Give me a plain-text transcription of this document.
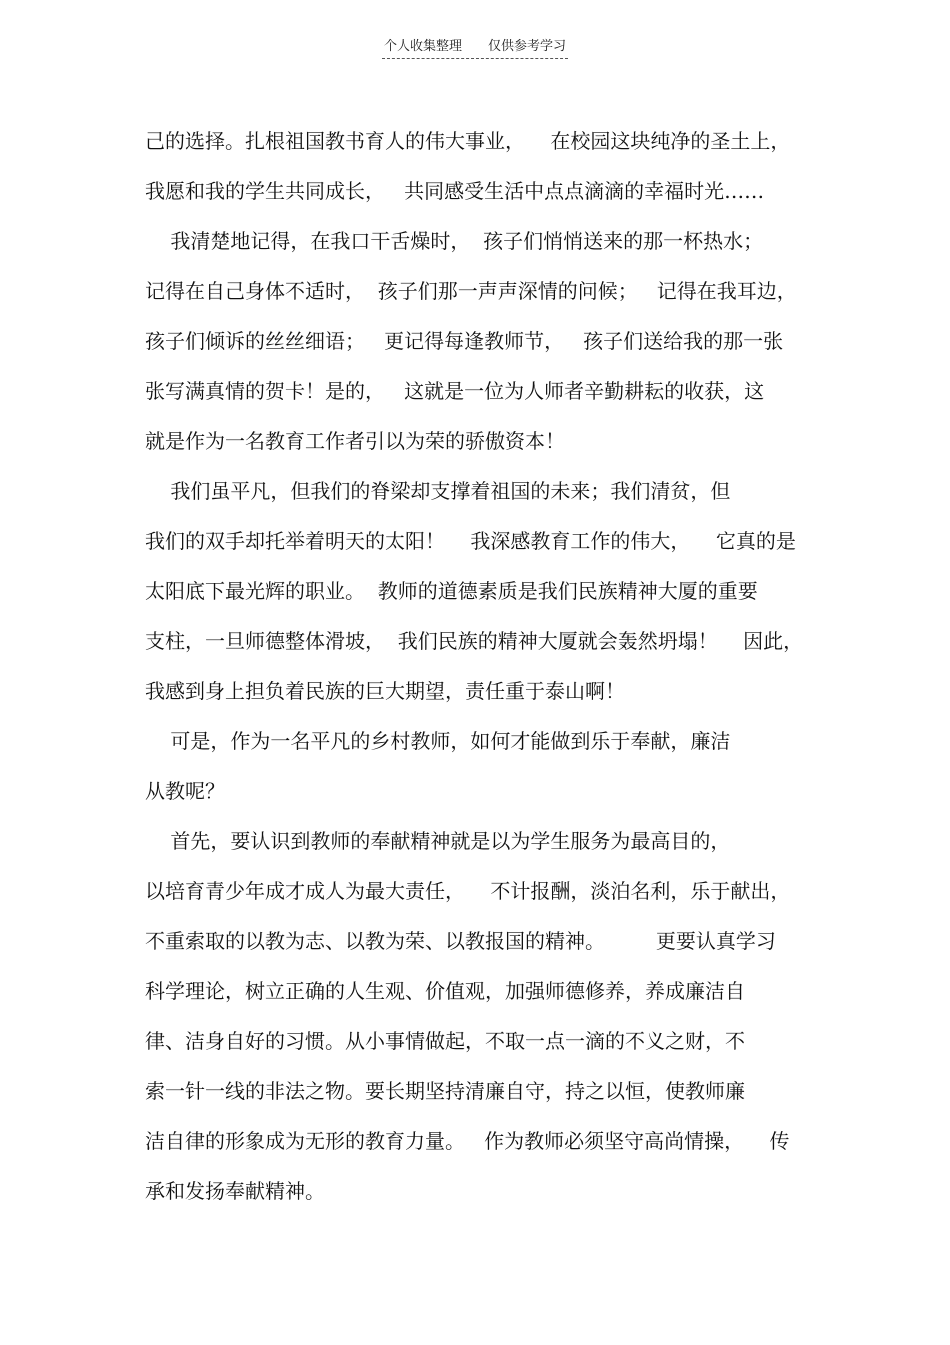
个人收集整理 仅供参考学习
己的选择。扎根祖国教书育人的伟大事业，    在校园这块纯净的圣土上，
我愿和我的学生共同成长，   共同感受生活中点点滴滴的幸福时光……
我清楚地记得，在我口干舌燥时，  孩子们悄悄送来的那一杯热水；
记得在自己身体不适时，  孩子们那一声声深情的问候；   记得在我耳边，
孩子们倾诉的丝丝细语；   更记得每逢教师节，   孩子们送给我的那一张
张写满真情的贺卡！是的，   这就是一位为人师者辛勤耕耘的收获，这
就是作为一名教育工作者引以为荣的骄傲资本！
我们虽平凡，但我们的脊梁却支撑着祖国的未来；我们清贫，但
我们的双手却托举着明天的太阳！    我深感教育工作的伟大，    它真的是
太阳底下最光辉的职业。  教师的道德素质是我们民族精神大厦的重要
支柱，一旦师德整体滑坡，  我们民族的精神大厦就会轰然坍塌！    因此，
我感到身上担负着民族的巨大期望，责任重于泰山啊！
可是，作为一名平凡的乡村教师，如何才能做到乐于奉献，廉洁
从教呢？
首先，要认识到教师的奉献精神就是以为学生服务为最高目的，
以培育青少年成才成人为最大责任，    不计报酬，淡泊名利，乐于献出，
不重索取的以教为志、以教为荣、以教报国的精神。        更要认真学习
科学理论，树立正确的人生观、价值观，加强师德修养，养成廉洁自
律、洁身自好的习惯。从小事情做起，不取一点一滴的不义之财，不
索一针一线的非法之物。要长期坚持清廉自守，持之以恒，使教师廉
洁自律的形象成为无形的教育力量。   作为教师必须坚守高尚情操，    传
承和发扬奉献精神。
